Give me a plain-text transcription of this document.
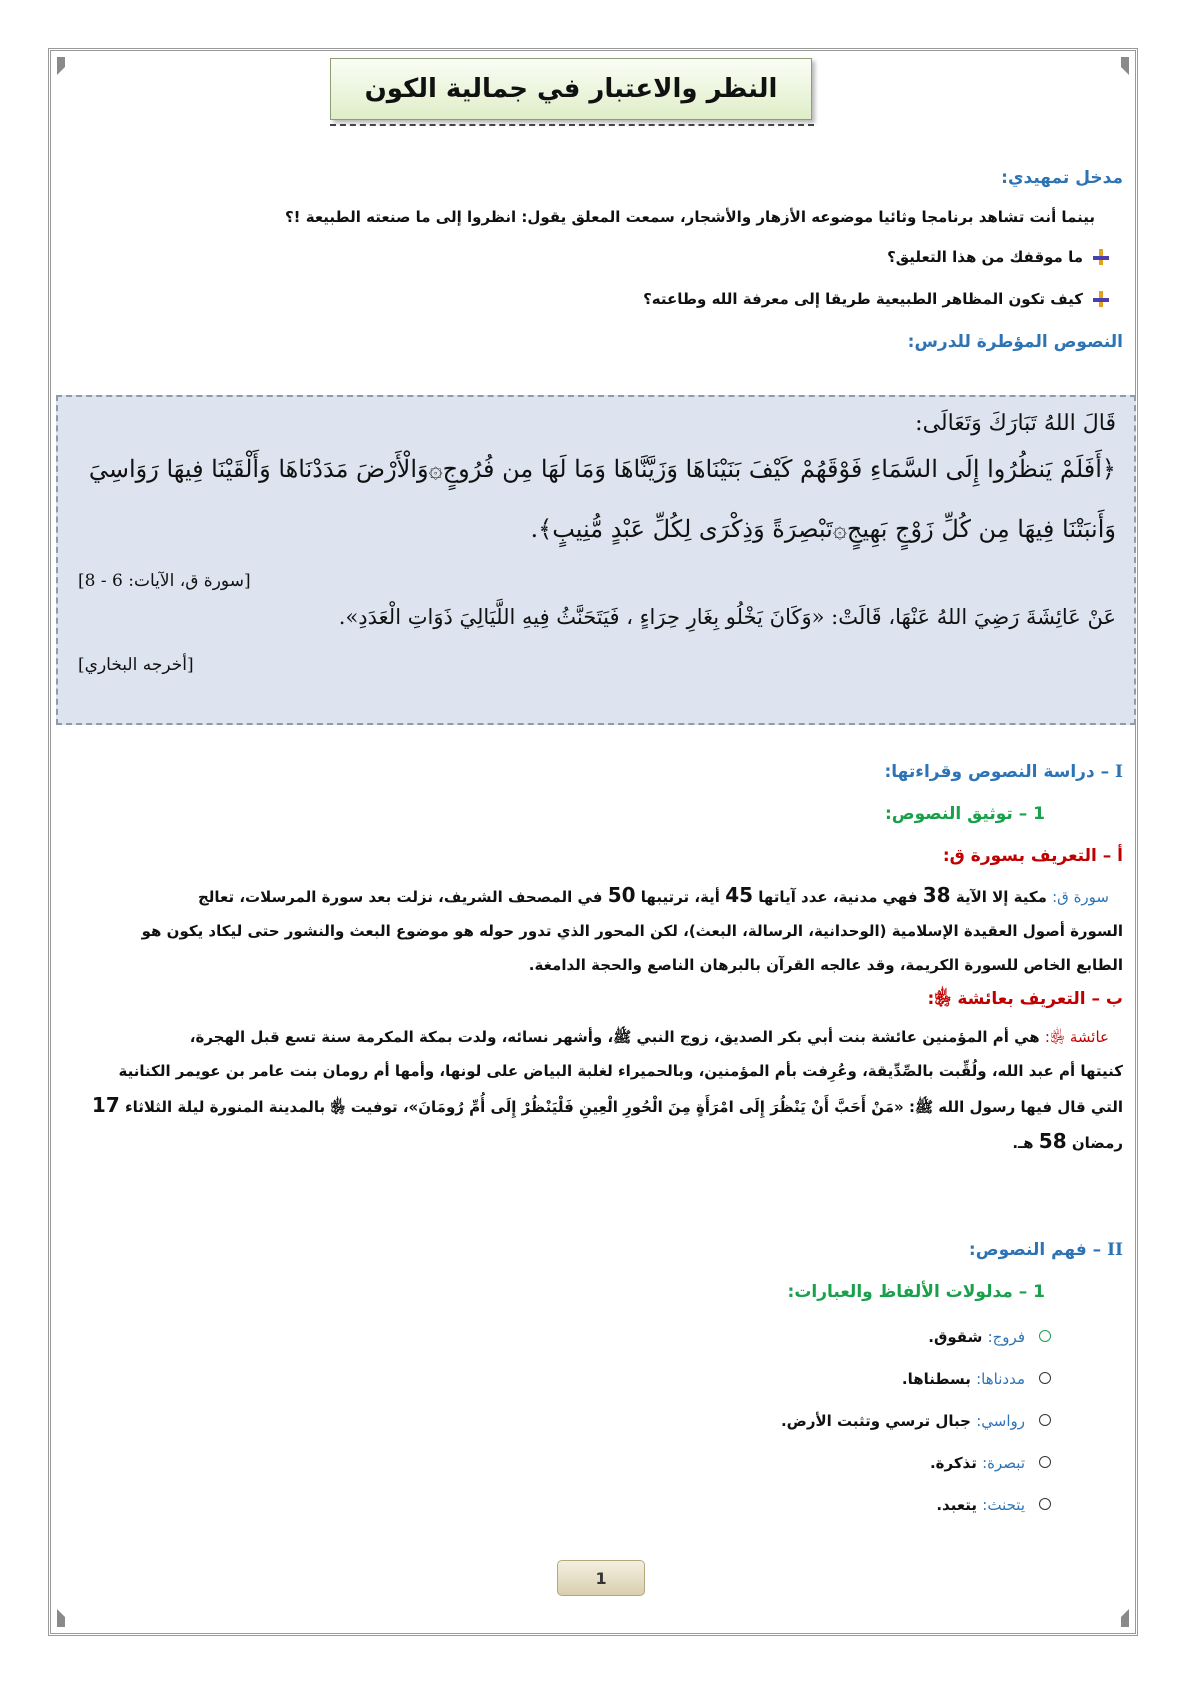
النظر والاعتبار في جمالية الكون
مدخل تمهيدي:
بينما أنت تشاهد برنامجا وثائيا موضوعه الأزهار والأشجار، سمعت المعلق يقول: انظروا إلى ما صنعته الطبيعة !؟
ما موقفك من هذا التعليق؟
كيف تكون المظاهر الطبيعية طريقا إلى معرفة الله وطاعته؟
النصوص المؤطرة للدرس:
قَالَ اللهُ تَبَارَكَ وَتَعَالَى:
﴿أَفَلَمْ يَنظُرُوا إِلَى السَّمَاءِ فَوْقَهُمْ كَيْفَ بَنَيْنَاهَا وَزَيَّنَّاهَا وَمَا لَهَا مِن فُرُوجٍ۞وَالْأَرْضَ مَدَدْنَاهَا وَأَلْقَيْنَا فِيهَا رَوَاسِيَ
وَأَنبَتْنَا فِيهَا مِن كُلِّ زَوْجٍ بَهِيجٍ۞تَبْصِرَةً وَذِكْرَى لِكُلِّ عَبْدٍ مُّنِيبٍ﴾.
[سورة ق، الآيات: 6 - 8]
عَنْ عَائِشَةَ رَضِيَ اللهُ عَنْهَا، قَالَتْ: «وَكَانَ يَخْلُو بِغَارِ حِرَاءٍ ، فَيَتَحَنَّثُ فِيهِ اللَّيَالِيَ ذَوَاتِ الْعَدَدِ».
[أخرجه البخاري]
I – دراسة النصوص وقراءتها:
1 – توثيق النصوص:
أ – التعريف بسورة ق:
سورة ق: مكية إلا الآية 38 فهي مدنية، عدد آياتها 45 أية، ترتيبها 50 في المصحف الشريف، نزلت بعد سورة المرسلات، تعالج
السورة أصول العقيدة الإسلامية (الوحدانية، الرسالة، البعث)، لكن المحور الذي تدور حوله هو موضوع البعث والنشور حتى ليكاد يكون هو
الطابع الخاص للسورة الكريمة، وقد عالجه القرآن بالبرهان الناصع والحجة الدامغة.
ب – التعريف بعائشة ﵂:
عائشة ﵂: هي أم المؤمنين عائشة بنت أبي بكر الصديق، زوج النبي ﷺ، وأشهر نسائه، ولدت بمكة المكرمة سنة تسع قبل الهجرة،
كنيتها أم عبد الله، ولُقِّبت بالصِّدِّيقة، وعُرِفت بأم المؤمنين، وبالحميراء لغلبة البياض على لونها، وأمها أم رومان بنت عامر بن عويمر الكنانية
التي قال فيها رسول الله ﷺ: «مَنْ أَحَبَّ أَنْ يَنْظُرَ إِلَى امْرَأَةٍ مِنَ الْحُورِ الْعِينِ فَلْيَنْظُرْ إِلَى أُمِّ رُومَانَ»، توفيت ﵂ بالمدينة المنورة ليلة الثلاثاء 17
رمضان 58 هـ.
II – فهم النصوص:
1 – مدلولات الألفاظ والعبارات:
فروج: شقوق.
مددناها: بسطناها.
رواسي: جبال ترسي وتثبت الأرض.
تبصرة: تذكرة.
يتحنث: يتعبد.
1
